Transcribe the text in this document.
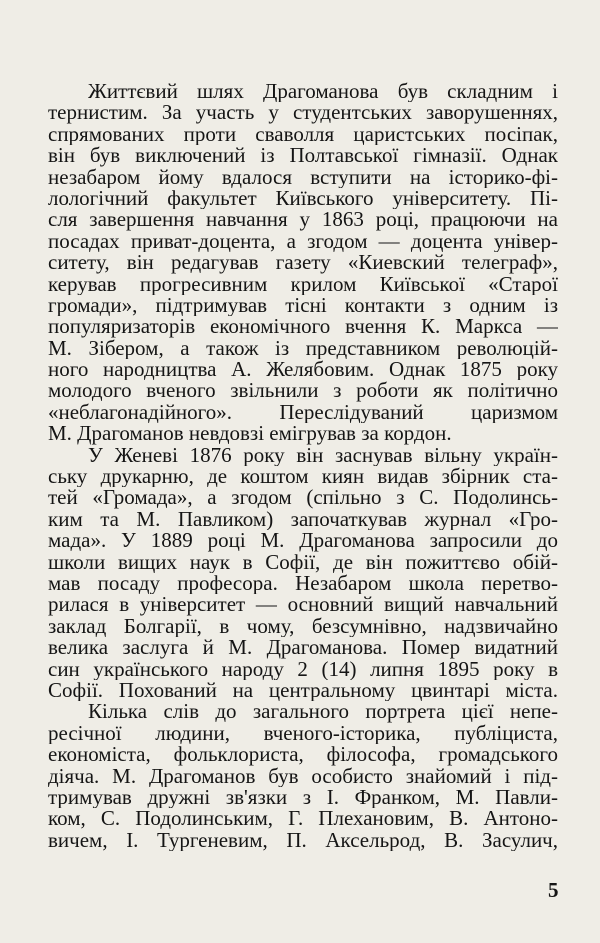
Життєвий шлях Драгоманова був складним і
тернистим. За участь у студентських заворушеннях,
спрямованих проти сваволля царистських посіпак,
він був виключений із Полтавської гімназії. Однак
незабаром йому вдалося вступити на історико-фі-
лологічний факультет Київського університету. Пі-
сля завершення навчання у 1863 році, працюючи на
посадах приват-доцента, а згодом — доцента універ-
ситету, він редагував газету «Киевский телеграф»,
керував прогресивним крилом Київської «Старої
громади», підтримував тісні контакти з одним із
популяризаторів економічного вчення К. Маркса —
М. Зібером, а також із представником революцій-
ного народництва А. Желябовим. Однак 1875 року
молодого вченого звільнили з роботи як політично
«неблагонадійного». Переслідуваний царизмом
М. Драгоманов невдовзі емігрував за кордон.
У Женеві 1876 року він заснував вільну україн-
ську друкарню, де коштом киян видав збірник ста-
тей «Громада», а згодом (спільно з С. Подолинсь-
ким та М. Павликом) започаткував журнал «Гро-
мада». У 1889 році М. Драгоманова запросили до
школи вищих наук в Софії, де він пожиттєво обій-
мав посаду професора. Незабаром школа перетво-
рилася в університет — основний вищий навчальний
заклад Болгарії, в чому, безсумнівно, надзвичайно
велика заслуга й М. Драгоманова. Помер видатний
син українського народу 2 (14) липня 1895 року в
Софії. Похований на центральному цвинтарі міста.
Кілька слів до загального портрета цієї непе-
ресічної людини, вченого-історика, публіциста,
економіста, фольклориста, філософа, громадського
діяча. М. Драгоманов був особисто знайомий і під-
тримував дружні зв'язки з І. Франком, М. Павли-
ком, С. Подолинським, Г. Плехановим, В. Антоно-
вичем, І. Тургеневим, П. Аксельрод, В. Засулич,
5
